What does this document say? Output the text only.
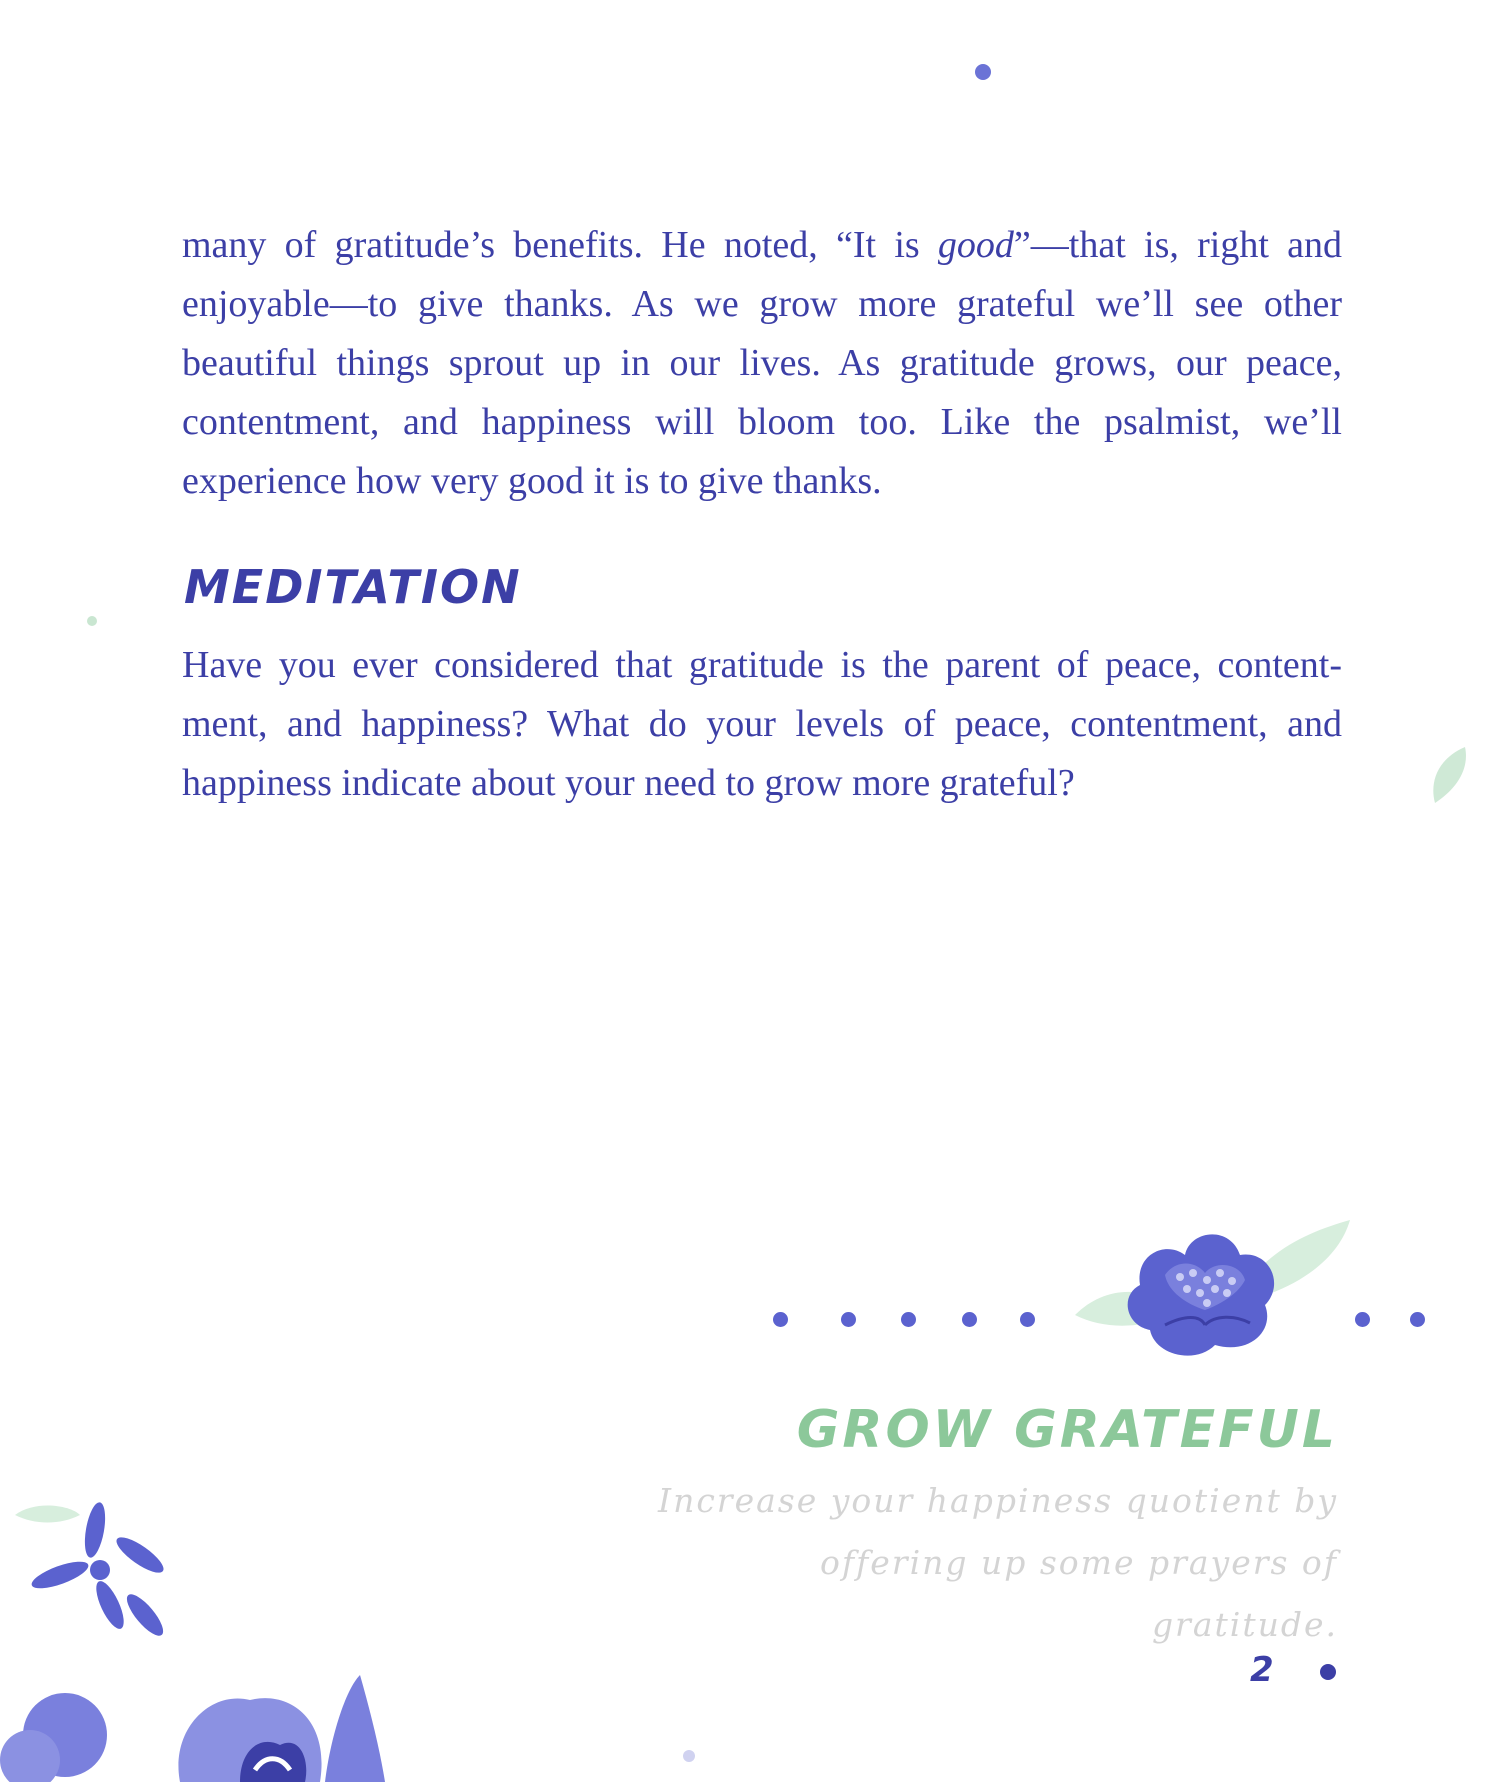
many of gratitude’s benefits. He noted, “It is good”—that is, right and
enjoyable—to give thanks. As we grow more grateful we’ll see other
beautiful things sprout up in our lives. As gratitude grows, our peace,
contentment, and happiness will bloom too. Like the psalmist, we’ll
experience how very good it is to give thanks.
MEDITATION
Have you ever considered that gratitude is the parent of peace, content-
ment, and happiness? What do your levels of peace, contentment, and
happiness indicate about your need to grow more grateful?
GROW GRATEFUL
Increase your happiness quotient by
offering up some prayers of gratitude.
2
